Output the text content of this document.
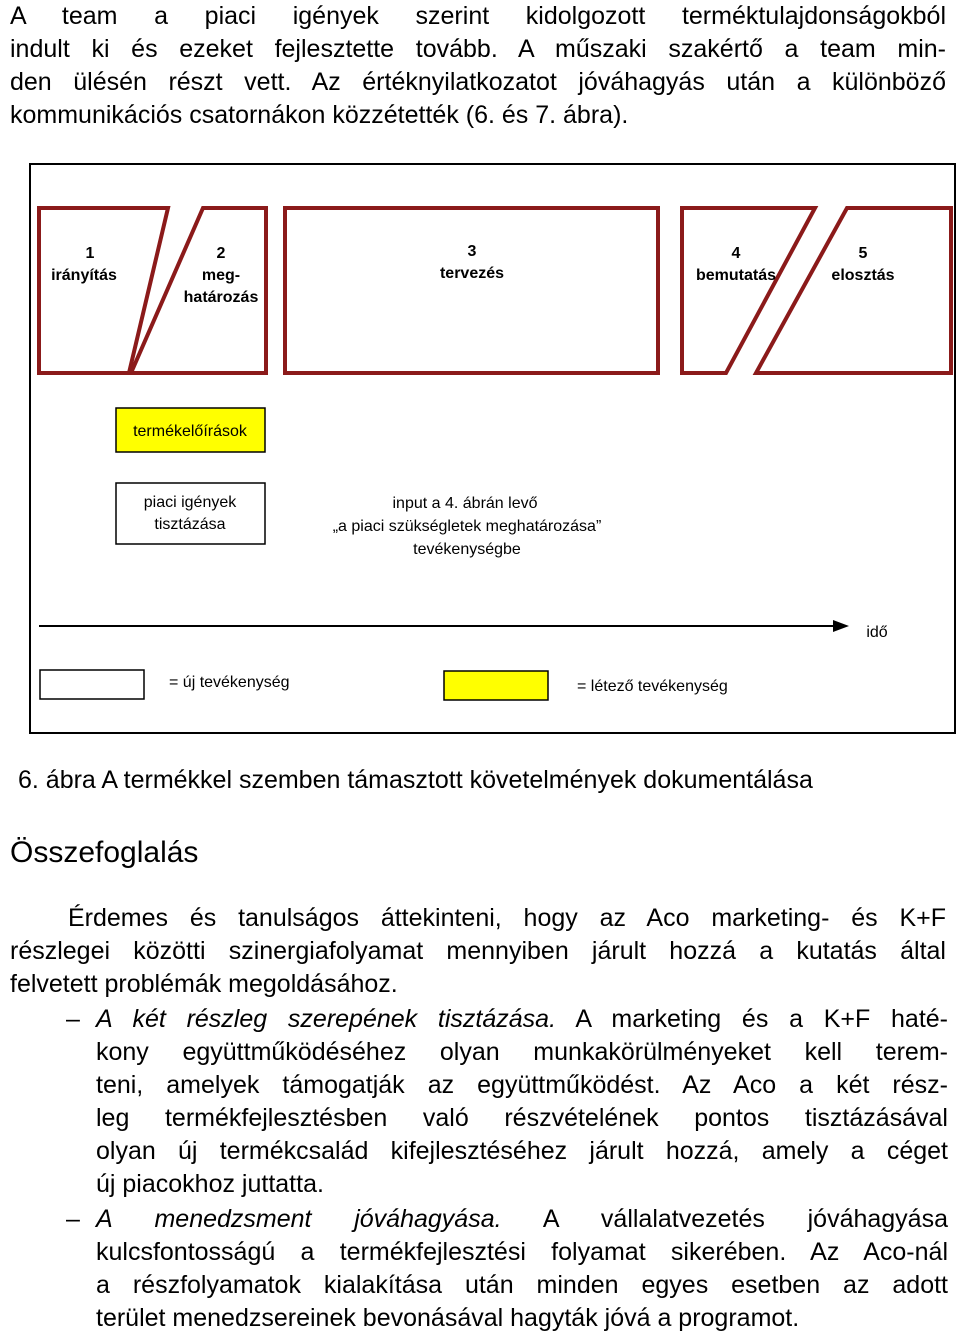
A team a piaci igények szerint kidolgozott terméktulajdonságokból
indult ki és ezeket fejlesztette tovább. A műszaki szakértő a team min-
den ülésén részt vett. Az értéknyilatkozatot jóváhagyás után a különböző
kommunikációs csatornákon közzétették (6. és 7. ábra).
1
irányítás
2
meg-
határozás
3
tervezés
4
bemutatás
5
elosztás
termékelőírások
piaci igények
tisztázása
input a 4. ábrán levő
„a piaci szükségletek meghatározása”
tevékenységbe
idő
= új tevékenység	= létező tevékenység

6. ábra A termékkel szemben támasztott követelmények dokumentálása

Összefoglalás
Érdemes és tanulságos áttekinteni, hogy az Aco marketing- és K+F
részlegei közötti szinergiafolyamat mennyiben járult hozzá a kutatás által
felvetett problémák megoldásához.
– A két részleg szerepének tisztázása. A marketing és a K+F haté-
kony együttműködéséhez olyan munkakörülményeket kell terem-
teni, amelyek támogatják az együttműködést. Az Aco a két rész-
leg termékfejlesztésben való részvételének pontos tisztázásával
olyan új termékcsalád kifejlesztéséhez járult hozzá, amely a céget
új piacokhoz juttatta.
– A menedzsment jóváhagyása. A vállalatvezetés jóváhagyása
kulcsfontosságú a termékfejlesztési folyamat sikerében. Az Aco-nál
a részfolyamatok kialakítása után minden egyes esetben az adott
terület menedzsereinek bevonásával hagyták jóvá a programot.
